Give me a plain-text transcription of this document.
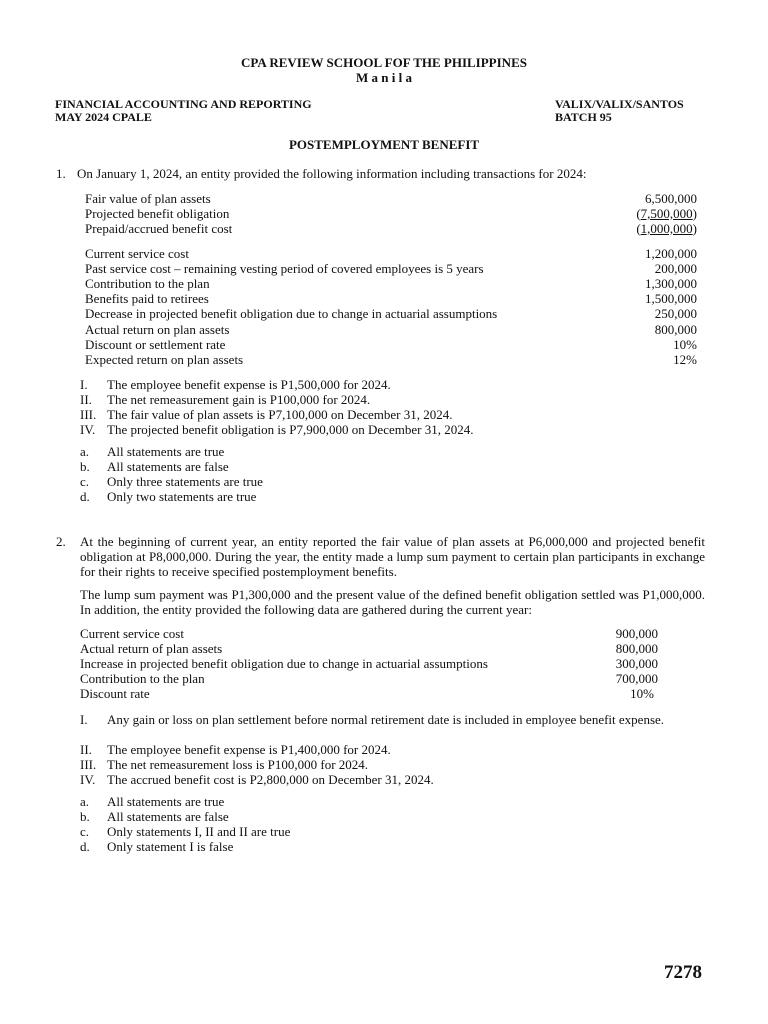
CPA REVIEW SCHOOL FOF THE PHILIPPINES
M a n i l a
FINANCIAL ACCOUNTING AND REPORTING
MAY 2024 CPALE
VALIX/VALIX/SANTOS
BATCH 95
POSTEMPLOYMENT BENEFIT
1. On January 1, 2024, an entity provided the following information including transactions for 2024:
Fair value of plan assets	6,500,000
Projected benefit obligation	(7,500,000)
Prepaid/accrued benefit cost	(1,000,000)
Current service cost	1,200,000
Past service cost – remaining vesting period of covered employees is 5 years	200,000
Contribution to the plan	1,300,000
Benefits paid to retirees	1,500,000
Decrease in projected benefit obligation due to change in actuarial assumptions	250,000
Actual return on plan assets	800,000
Discount or settlement rate	10%
Expected return on plan assets	12%
I. The employee benefit expense is P1,500,000 for 2024.
II. The net remeasurement gain is P100,000 for 2024.
III. The fair value of plan assets is P7,100,000 on December 31, 2024.
IV. The projected benefit obligation is P7,900,000 on December 31, 2024.
a. All statements are true
b. All statements are false
c. Only three statements are true
d. Only two statements are true
2. At the beginning of current year, an entity reported the fair value of plan assets at P6,000,000 and projected benefit obligation at P8,000,000. During the year, the entity made a lump sum payment to certain plan participants in exchange for their rights to receive specified postemployment benefits.
The lump sum payment was P1,300,000 and the present value of the defined benefit obligation settled was P1,000,000. In addition, the entity provided the following data are gathered during the current year:
Current service cost	900,000
Actual return of plan assets	800,000
Increase in projected benefit obligation due to change in actuarial assumptions	300,000
Contribution to the plan	700,000
Discount rate	10%
I. Any gain or loss on plan settlement before normal retirement date is included in employee benefit expense.
II. The employee benefit expense is P1,400,000 for 2024.
III. The net remeasurement loss is P100,000 for 2024.
IV. The accrued benefit cost is P2,800,000 on December 31, 2024.
a. All statements are true
b. All statements are false
c. Only statements I, II and II are true
d. Only statement I is false
7278
